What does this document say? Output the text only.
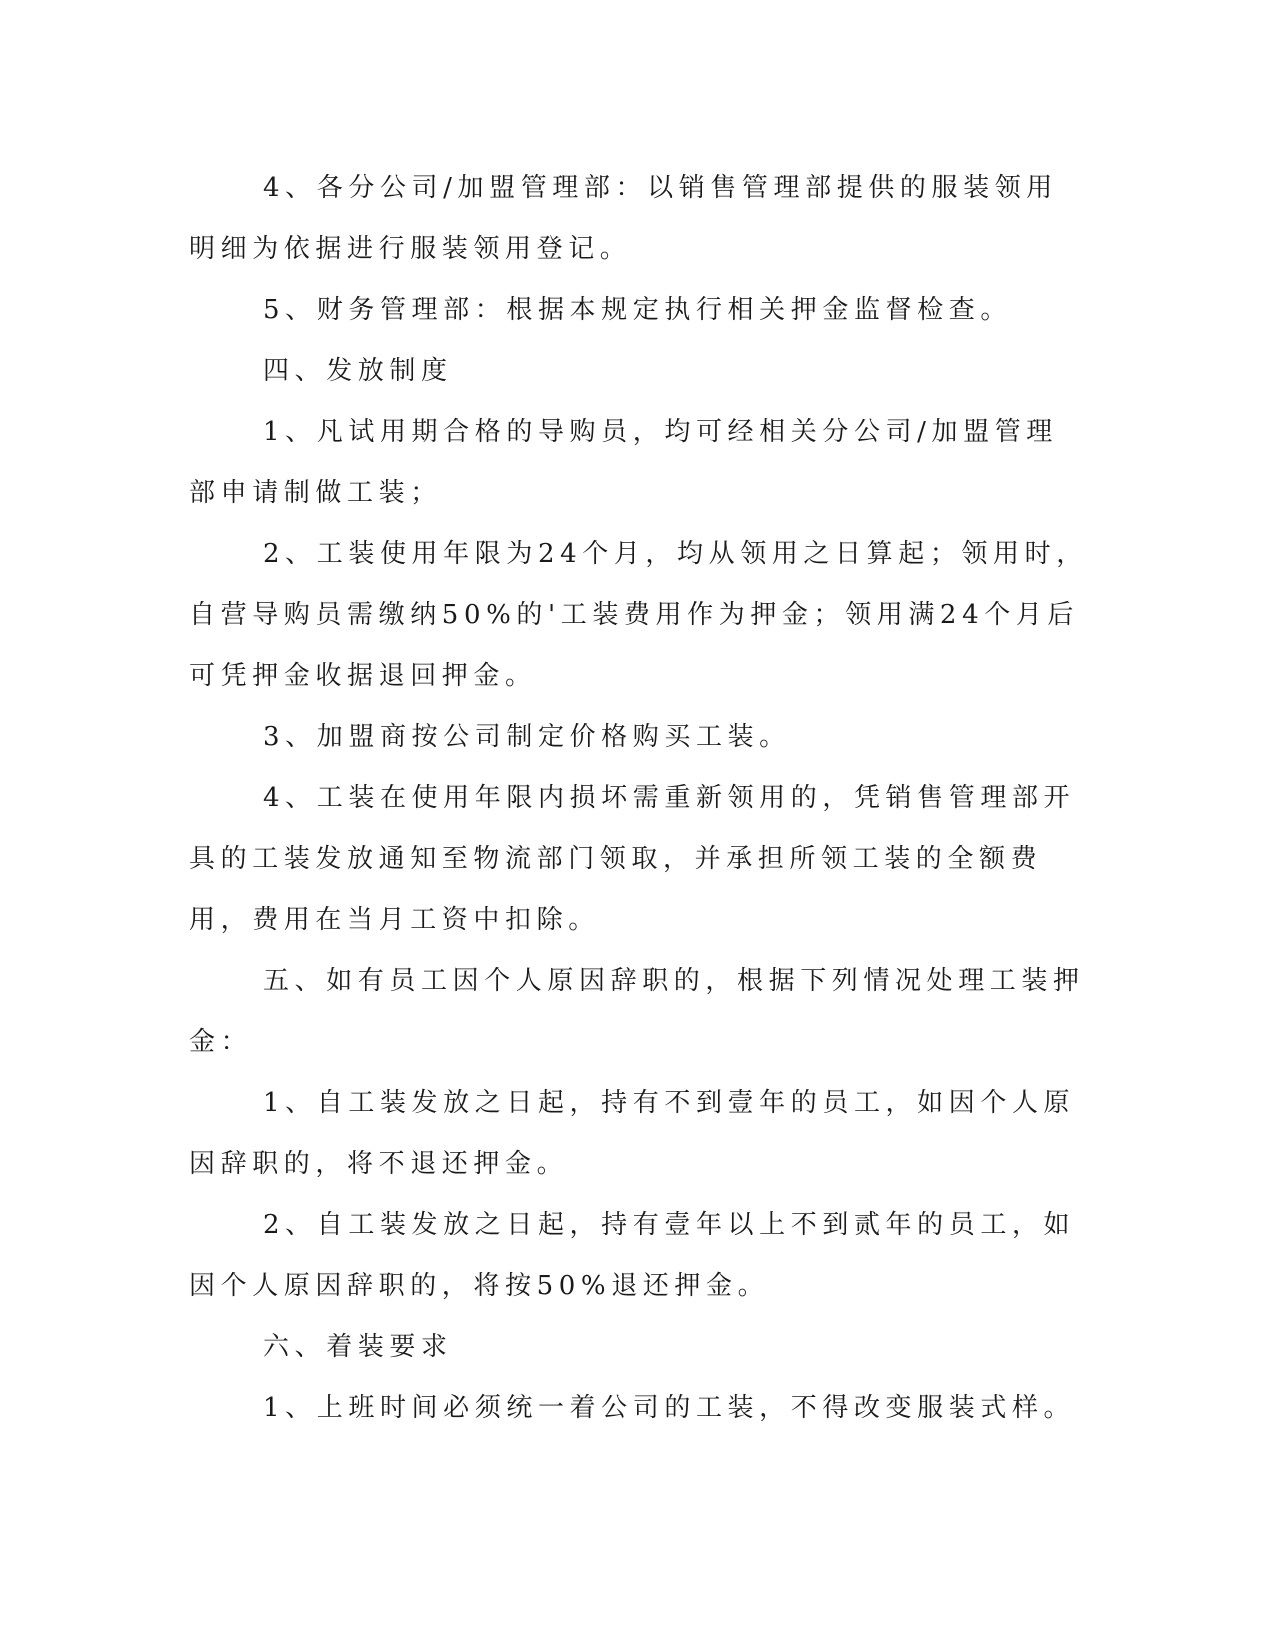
4、各分公司/加盟管理部：以销售管理部提供的服装领用明细为依据进行服装领用登记。

5、财务管理部：根据本规定执行相关押金监督检查。

四、发放制度

1、凡试用期合格的导购员，均可经相关分公司/加盟管理部申请制做工装；

2、工装使用年限为24个月，均从领用之日算起；领用时，自营导购员需缴纳50%的'工装费用作为押金；领用满24个月后可凭押金收据退回押金。

3、加盟商按公司制定价格购买工装。

4、工装在使用年限内损坏需重新领用的，凭销售管理部开具的工装发放通知至物流部门领取，并承担所领工装的全额费用，费用在当月工资中扣除。

五、如有员工因个人原因辞职的，根据下列情况处理工装押金：

1、自工装发放之日起，持有不到壹年的员工，如因个人原因辞职的，将不退还押金。

2、自工装发放之日起，持有壹年以上不到贰年的员工，如因个人原因辞职的，将按50%退还押金。

六、着装要求

1、上班时间必须统一着公司的工装，不得改变服装式样。
